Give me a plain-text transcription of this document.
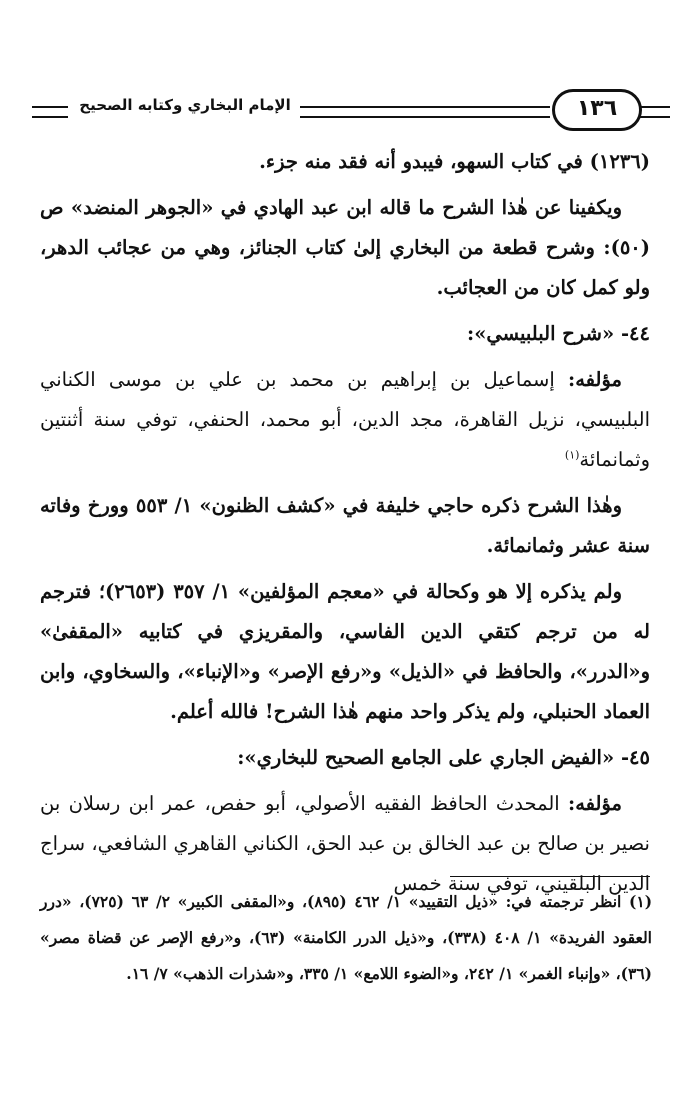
الإمام البخاري وكتابه الصحيح	١٣٦

(١٢٣٦) في كتاب السهو، فيبدو أنه فقد منه جزء.

ويكفينا عن هٰذا الشرح ما قاله ابن عبد الهادي في «الجوهر المنضد» ص (٥٠): وشرح قطعة من البخاري إلىٰ كتاب الجنائز، وهي من عجائب الدهر، ولو كمل كان من العجائب.

٤٤- «شرح البلبيسي»:

مؤلفه: إسماعيل بن إبراهيم بن محمد بن علي بن موسى الكناني البلبيسي، نزيل القاهرة، مجد الدين، أبو محمد، الحنفي، توفي سنة أثنتين وثمانمائة$^{(١)}$

وهٰذا الشرح ذكره حاجي خليفة في «كشف الظنون» ١/ ٥٥٣ وورخ وفاته سنة عشر وثمانمائة.

ولم يذكره إلا هو وكحالة في «معجم المؤلفين» ١/ ٣٥٧ (٢٦٥٣)؛ فترجم له من ترجم كتقي الدين الفاسي، والمقريزي في كتابيه «المقفىٰ» و«الدرر»، والحافظ في «الذيل» و«رفع الإصر» و«الإنباء»، والسخاوي، وابن العماد الحنبلي، ولم يذكر واحد منهم هٰذا الشرح! فالله أعلم.

٤٥- «الفيض الجاري على الجامع الصحيح للبخاري»:

مؤلفه: المحدث الحافظ الفقيه الأصولي، أبو حفص، عمر ابن رسلان بن نصير بن صالح بن عبد الخالق بن عبد الحق، الكناني القاهري الشافعي، سراج الدين البلقيني، توفي سنة خمس

(١) انظر ترجمته في: «ذيل التقييد» ١/ ٤٦٢ (٨٩٥)، و«المقفى الكبير» ٢/ ٦٣ (٧٢٥)، «درر العقود الفريدة» ١/ ٤٠٨ (٣٣٨)، و«ذيل الدرر الكامنة» (٦٣)، و«رفع الإصر عن قضاة مصر» (٣٦)، «وإنباء الغمر» ١/ ٢٤٢، و«الضوء اللامع» ١/ ٣٣٥، و«شذرات الذهب» ٧/ ١٦.
